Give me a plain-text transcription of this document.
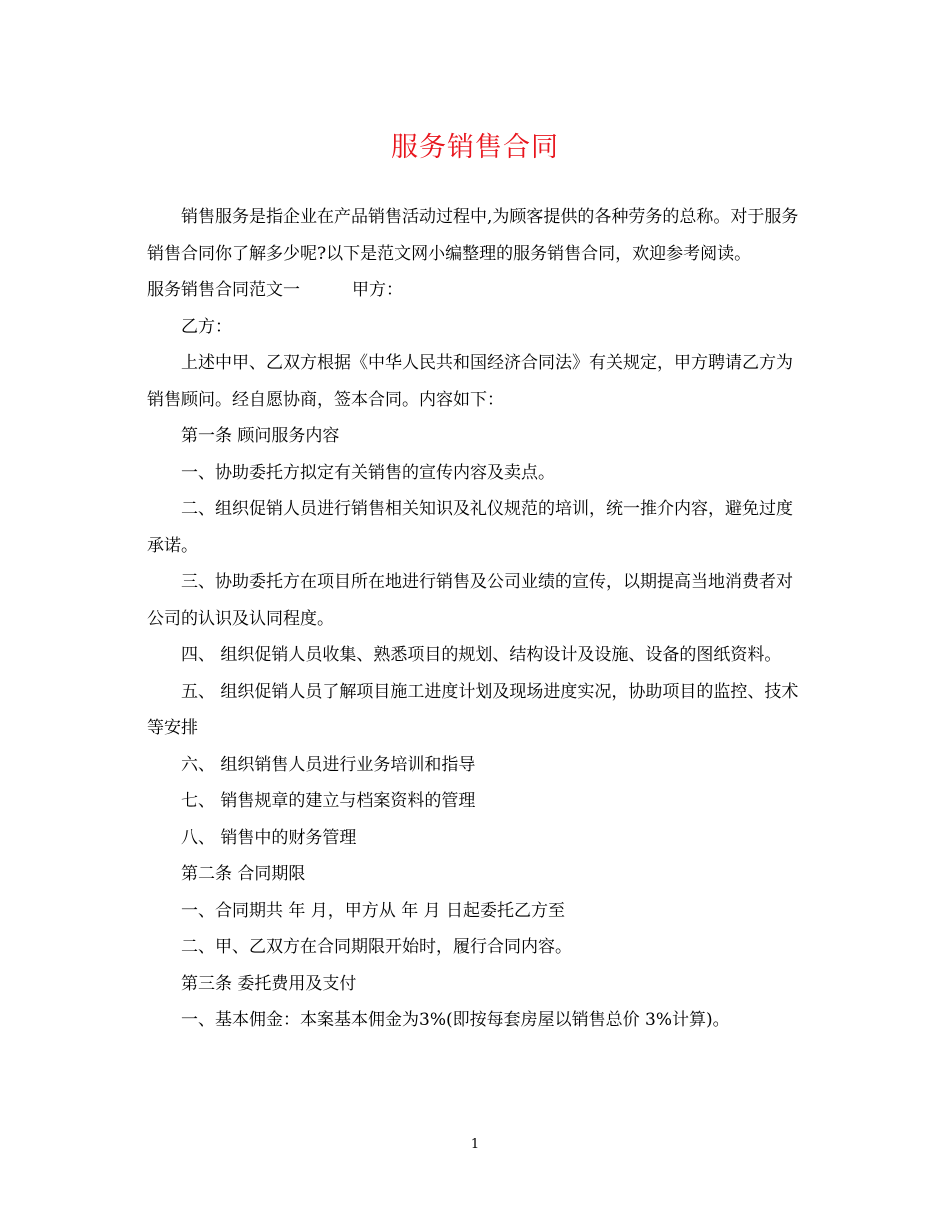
服务销售合同

销售服务是指企业在产品销售活动过程中,为顾客提供的各种劳务的总称。对于服务销售合同你了解多少呢?以下是范文网小编整理的服务销售合同，欢迎参考阅读。

服务销售合同范文一	甲方：

乙方：

上述中甲、乙双方根据《中华人民共和国经济合同法》有关规定，甲方聘请乙方为销售顾问。经自愿协商，签本合同。内容如下：

第一条 顾问服务内容

一、协助委托方拟定有关销售的宣传内容及卖点。

二、组织促销人员进行销售相关知识及礼仪规范的培训，统一推介内容，避免过度承诺。

三、协助委托方在项目所在地进行销售及公司业绩的宣传，以期提高当地消费者对公司的认识及认同程度。

四、 组织促销人员收集、熟悉项目的规划、结构设计及设施、设备的图纸资料。

五、 组织促销人员了解项目施工进度计划及现场进度实况，协助项目的监控、技术等安排

六、 组织销售人员进行业务培训和指导

七、 销售规章的建立与档案资料的管理

八、 销售中的财务管理

第二条 合同期限

一、合同期共 年 月，甲方从 年 月 日起委托乙方至

二、甲、乙双方在合同期限开始时，履行合同内容。

第三条 委托费用及支付

一、基本佣金：本案基本佣金为3%(即按每套房屋以销售总价 3%计算)。

1
